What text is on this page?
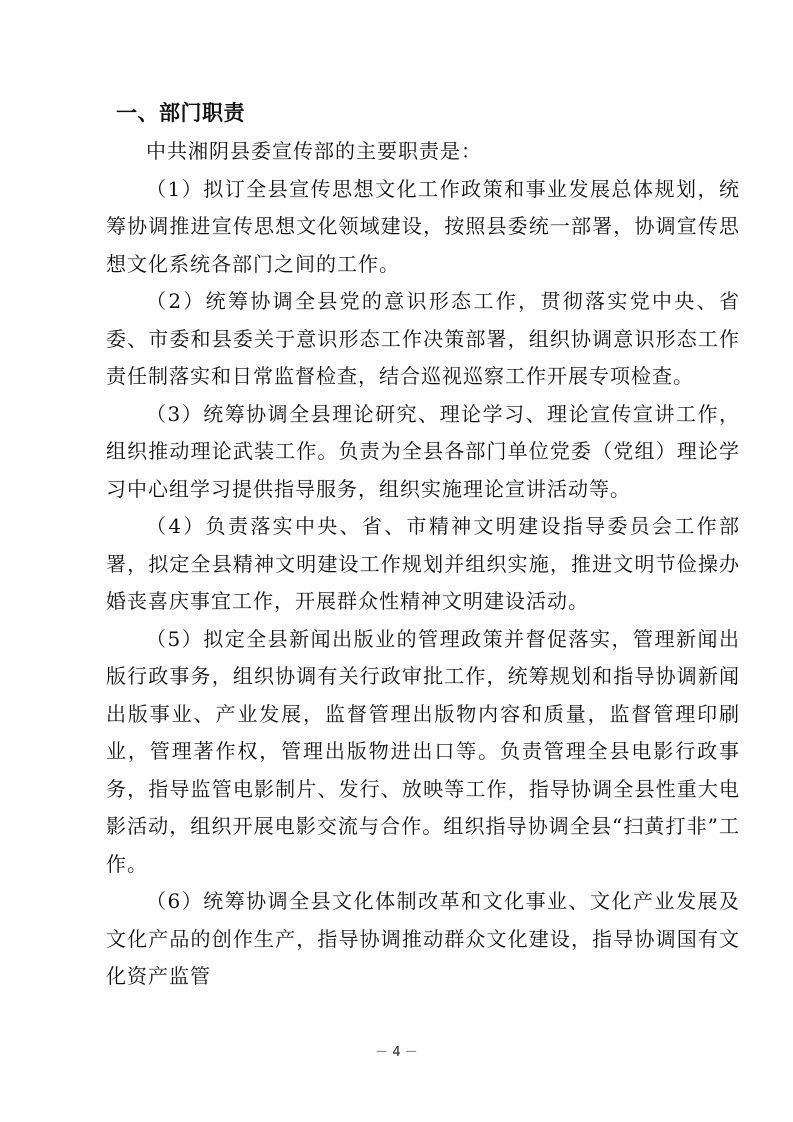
一、部门职责

中共湘阴县委宣传部的主要职责是：

（1）拟订全县宣传思想文化工作政策和事业发展总体规划，统筹协调推进宣传思想文化领域建设，按照县委统一部署，协调宣传思想文化系统各部门之间的工作。

（2）统筹协调全县党的意识形态工作，贯彻落实党中央、省委、市委和县委关于意识形态工作决策部署，组织协调意识形态工作责任制落实和日常监督检查，结合巡视巡察工作开展专项检查。

（3）统筹协调全县理论研究、理论学习、理论宣传宣讲工作，组织推动理论武装工作。负责为全县各部门单位党委（党组）理论学习中心组学习提供指导服务，组织实施理论宣讲活动等。

（4）负责落实中央、省、市精神文明建设指导委员会工作部署，拟定全县精神文明建设工作规划并组织实施，推进文明节俭操办婚丧喜庆事宜工作，开展群众性精神文明建设活动。

（5）拟定全县新闻出版业的管理政策并督促落实，管理新闻出版行政事务，组织协调有关行政审批工作，统筹规划和指导协调新闻出版事业、产业发展，监督管理出版物内容和质量，监督管理印刷业，管理著作权，管理出版物进出口等。负责管理全县电影行政事务，指导监管电影制片、发行、放映等工作，指导协调全县性重大电影活动，组织开展电影交流与合作。组织指导协调全县“扫黄打非”工作。

（6）统筹协调全县文化体制改革和文化事业、文化产业发展及文化产品的创作生产，指导协调推动群众文化建设，指导协调国有文化资产监管

－ 4 －
